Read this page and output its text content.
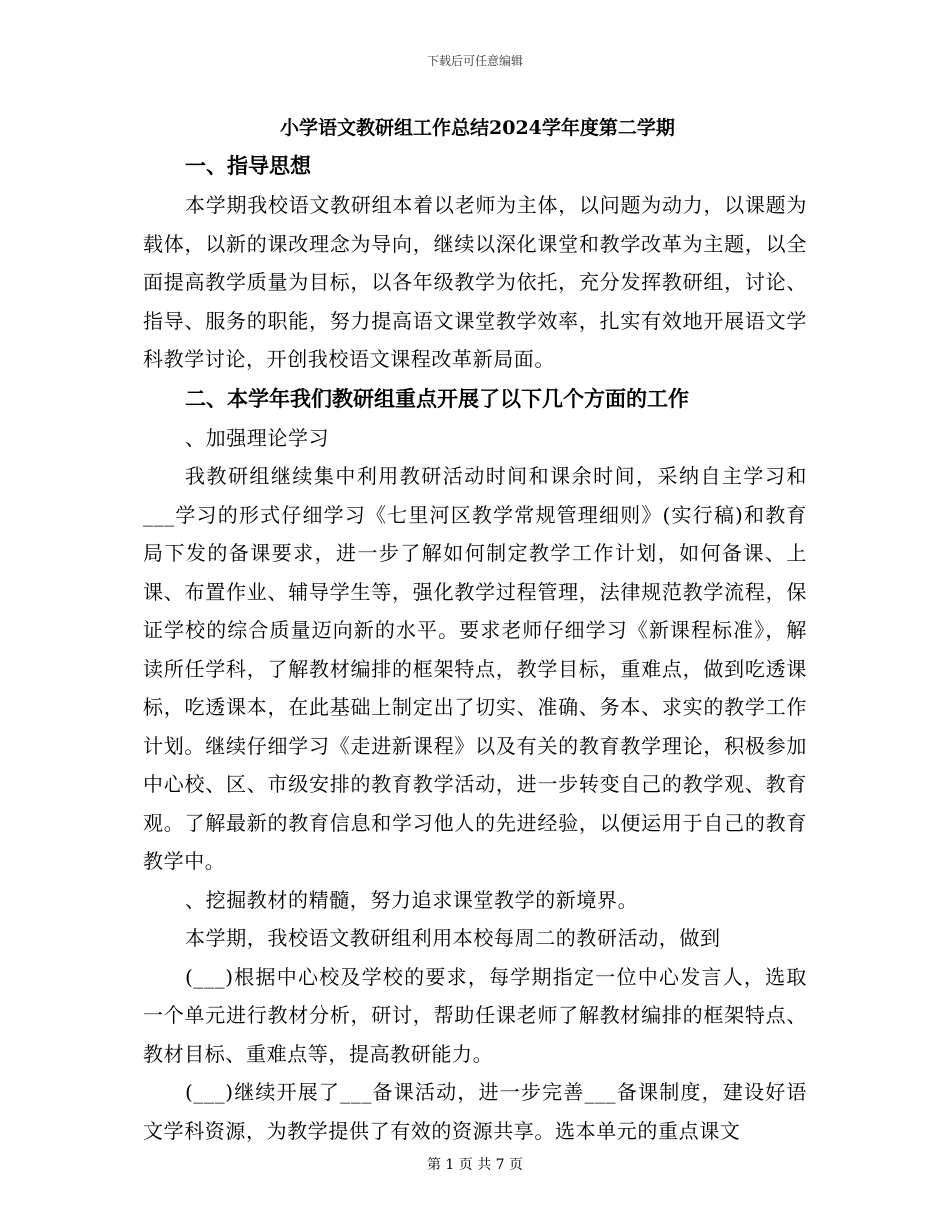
下载后可任意编辑
小学语文教研组工作总结2024学年度第二学期
一、指导思想

本学期我校语文教研组本着以老师为主体，以问题为动力，以课题为载体，以新的课改理念为导向，继续以深化课堂和教学改革为主题，以全面提高教学质量为目标，以各年级教学为依托，充分发挥教研组，讨论、指导、服务的职能，努力提高语文课堂教学效率，扎实有效地开展语文学科教学讨论，开创我校语文课程改革新局面。

二、本学年我们教研组重点开展了以下几个方面的工作
、加强理论学习

我教研组继续集中利用教研活动时间和课余时间，采纳自主学习和___学习的形式仔细学习《七里河区教学常规管理细则》(实行稿)和教育局下发的备课要求，进一步了解如何制定教学工作计划，如何备课、上课、布置作业、辅导学生等，强化教学过程管理，法律规范教学流程，保证学校的综合质量迈向新的水平。要求老师仔细学习《新课程标准》，解读所任学科，了解教材编排的框架特点，教学目标，重难点，做到吃透课标，吃透课本，在此基础上制定出了切实、准确、务本、求实的教学工作计划。继续仔细学习《走进新课程》以及有关的教育教学理论，积极参加中心校、区、市级安排的教育教学活动，进一步转变自己的教学观、教育观。了解最新的教育信息和学习他人的先进经验，以便运用于自己的教育教学中。

、挖掘教材的精髓，努力追求课堂教学的新境界。
本学期，我校语文教研组利用本校每周二的教研活动，做到

(___)根据中心校及学校的要求，每学期指定一位中心发言人，选取一个单元进行教材分析，研讨，帮助任课老师了解教材编排的框架特点、教材目标、重难点等，提高教研能力。

(___)继续开展了___备课活动，进一步完善___备课制度，建设好语文学科资源，为教学提供了有效的资源共享。选本单元的重点课文

第 1 页 共 7 页
